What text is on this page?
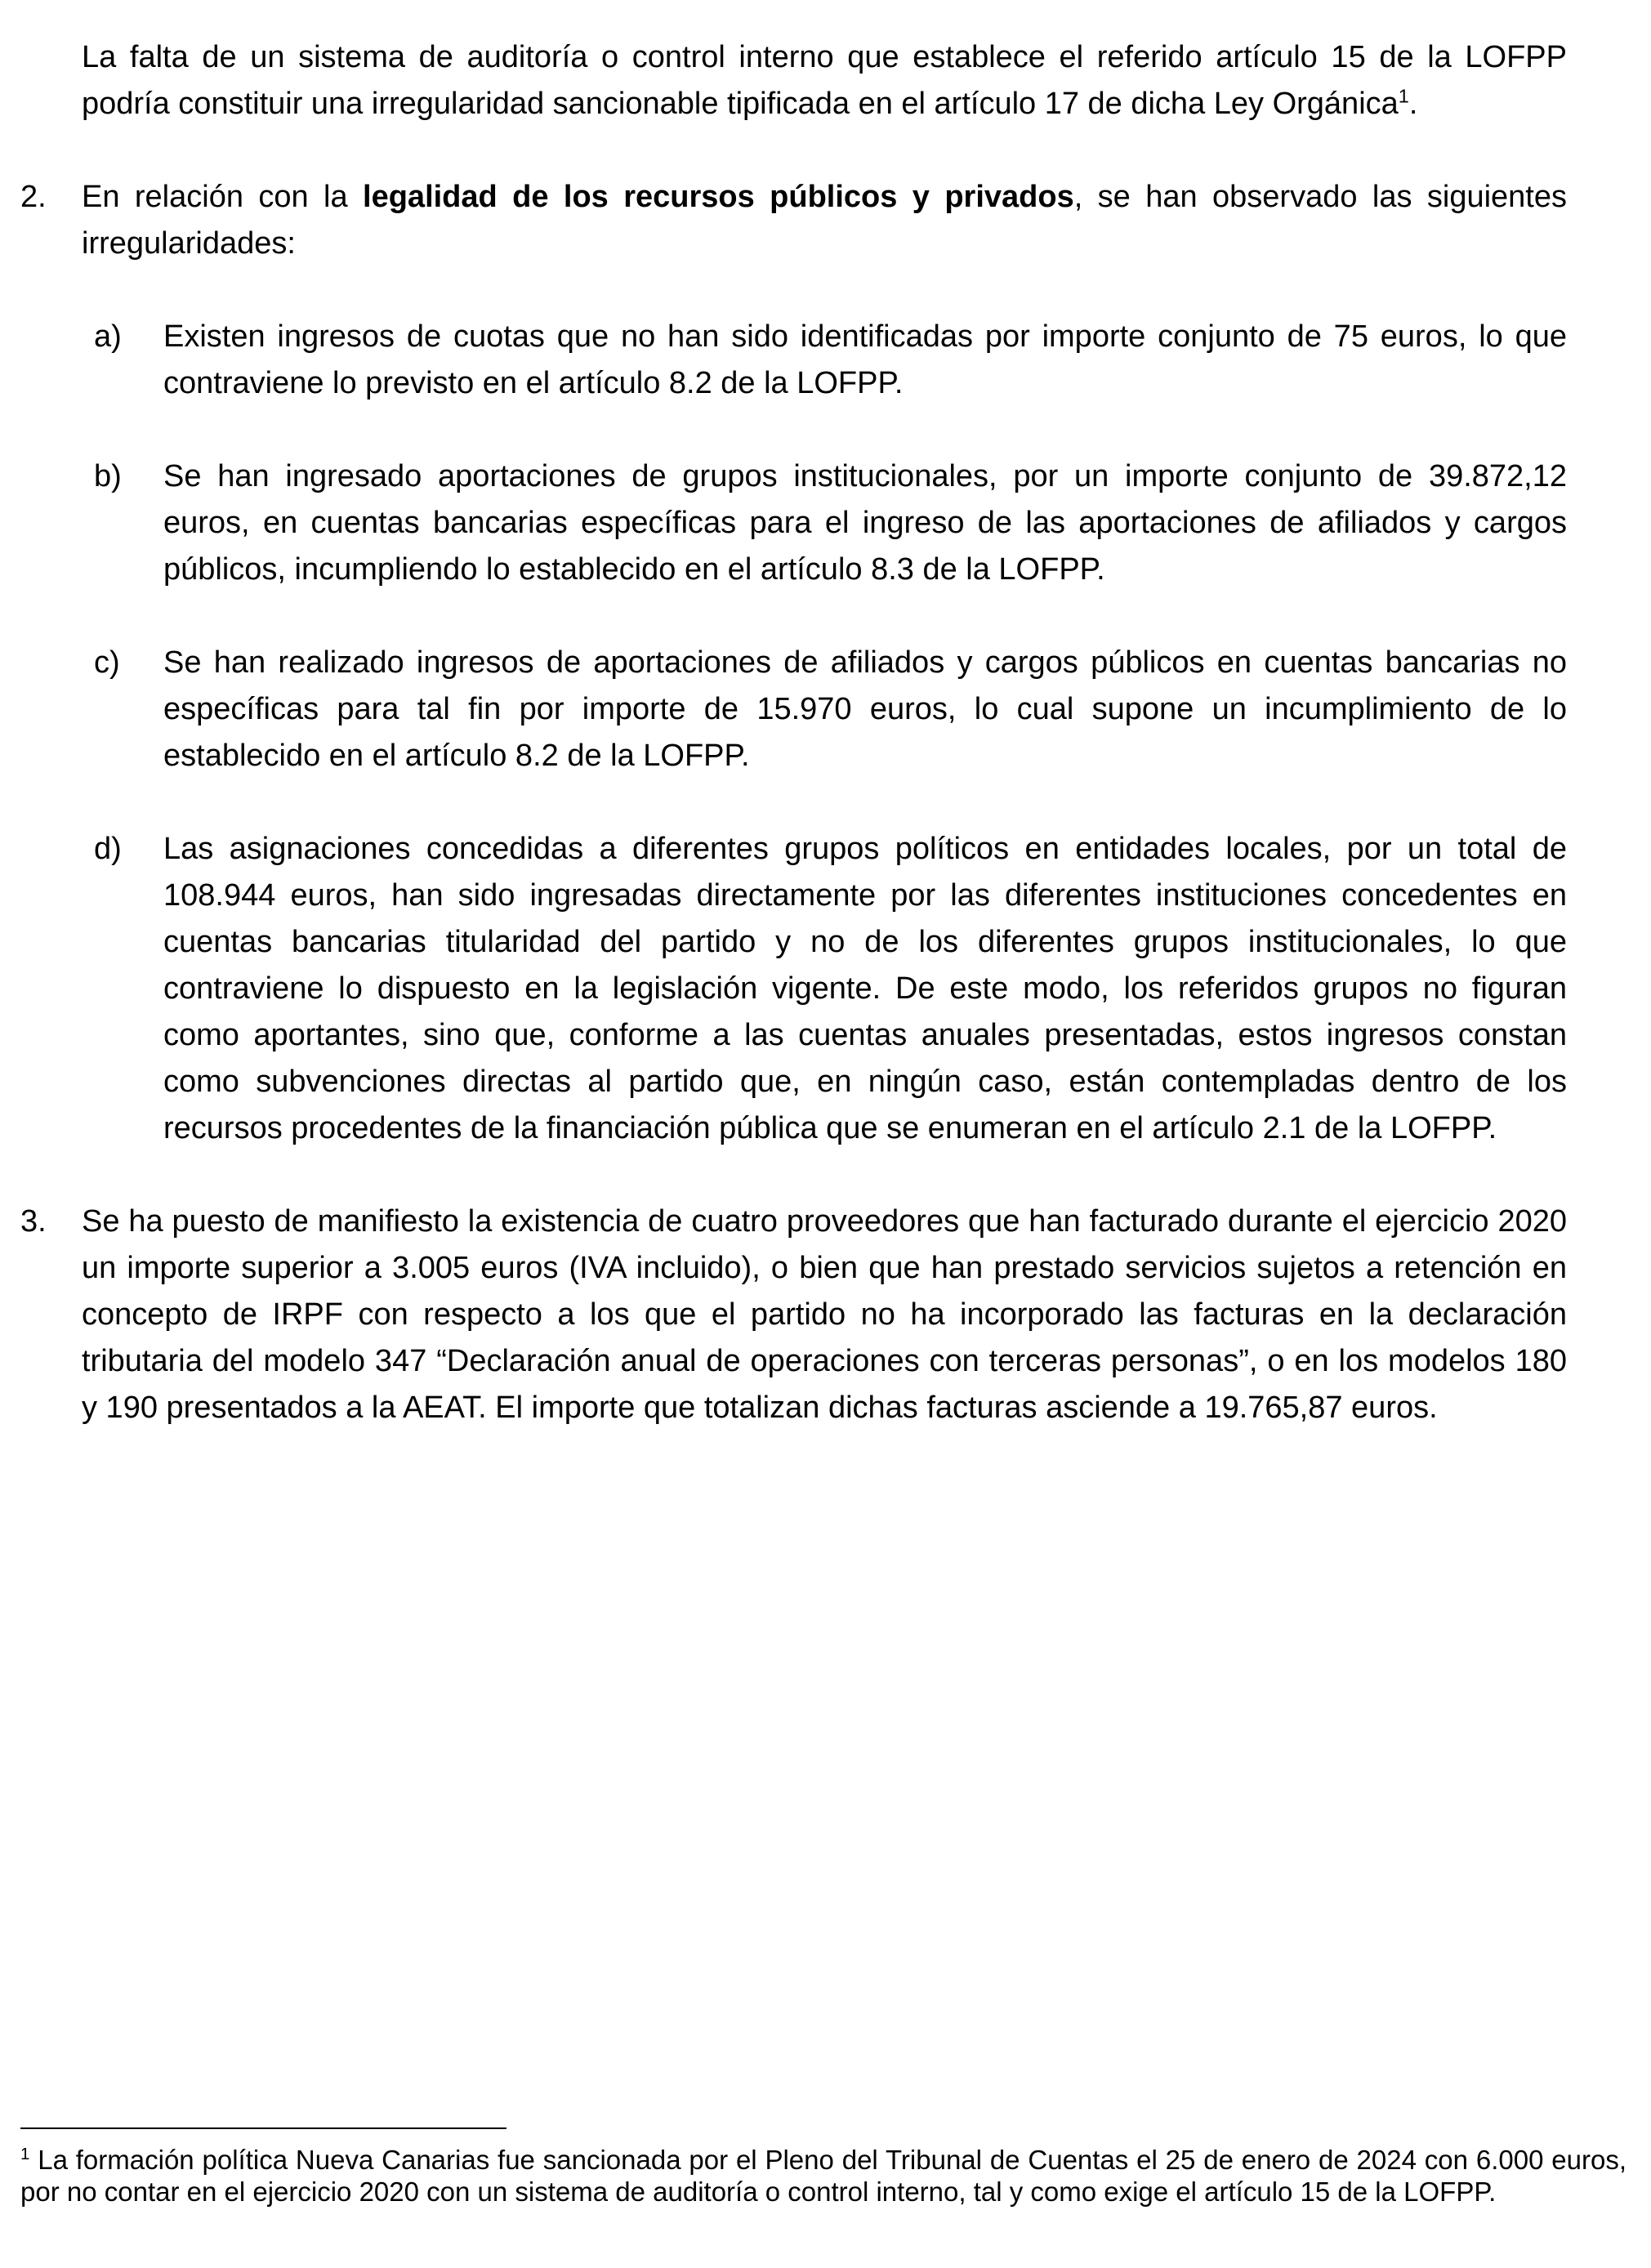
La falta de un sistema de auditoría o control interno que establece el referido artículo 15 de la LOFPP podría constituir una irregularidad sancionable tipificada en el artículo 17 de dicha Ley Orgánica$^1$.

2.	En relación con la legalidad de los recursos públicos y privados, se han observado las siguientes irregularidades:

a)	Existen ingresos de cuotas que no han sido identificadas por importe conjunto de 75 euros, lo que contraviene lo previsto en el artículo 8.2 de la LOFPP.

b)	Se han ingresado aportaciones de grupos institucionales, por un importe conjunto de 39.872,12 euros, en cuentas bancarias específicas para el ingreso de las aportaciones de afiliados y cargos públicos, incumpliendo lo establecido en el artículo 8.3 de la LOFPP.

c)	Se han realizado ingresos de aportaciones de afiliados y cargos públicos en cuentas bancarias no específicas para tal fin por importe de 15.970 euros, lo cual supone un incumplimiento de lo establecido en el artículo 8.2 de la LOFPP.

d)	Las asignaciones concedidas a diferentes grupos políticos en entidades locales, por un total de 108.944 euros, han sido ingresadas directamente por las diferentes instituciones concedentes en cuentas bancarias titularidad del partido y no de los diferentes grupos institucionales, lo que contraviene lo dispuesto en la legislación vigente. De este modo, los referidos grupos no figuran como aportantes, sino que, conforme a las cuentas anuales presentadas, estos ingresos constan como subvenciones directas al partido que, en ningún caso, están contempladas dentro de los recursos procedentes de la financiación pública que se enumeran en el artículo 2.1 de la LOFPP.

3.	Se ha puesto de manifiesto la existencia de cuatro proveedores que han facturado durante el ejercicio 2020 un importe superior a 3.005 euros (IVA incluido), o bien que han prestado servicios sujetos a retención en concepto de IRPF con respecto a los que el partido no ha incorporado las facturas en la declaración tributaria del modelo 347 “Declaración anual de operaciones con terceras personas”, o en los modelos 180 y 190 presentados a la AEAT. El importe que totalizan dichas facturas asciende a 19.765,87 euros.

$^1$ La formación política Nueva Canarias fue sancionada por el Pleno del Tribunal de Cuentas el 25 de enero de 2024 con 6.000 euros, por no contar en el ejercicio 2020 con un sistema de auditoría o control interno, tal y como exige el artículo 15 de la LOFPP.
